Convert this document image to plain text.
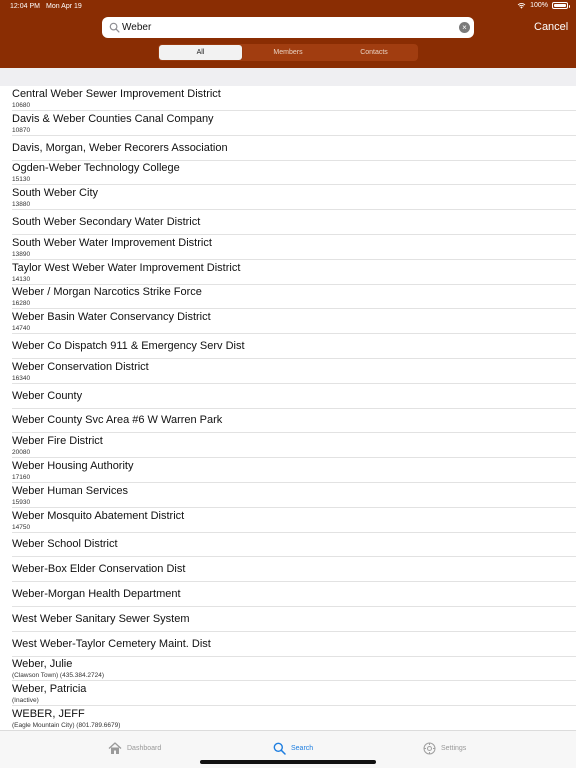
12:04 PM Mon Apr 19	100%
Weber
×	Cancel
All	Members	Contacts
Central Weber Sewer Improvement District
10680
Davis & Weber Counties Canal Company
10870
Davis, Morgan, Weber Recorers Association
Ogden-Weber Technology College
15130
South Weber City
13880
South Weber Secondary Water District
South Weber Water Improvement District
13890
Taylor West Weber Water Improvement District
14130
Weber / Morgan Narcotics Strike Force
16280
Weber Basin Water Conservancy District
14740
Weber Co Dispatch 911 & Emergency Serv Dist
Weber Conservation District
16340
Weber County
Weber County Svc Area #6 W Warren Park
Weber Fire District
20080
Weber Housing Authority
17160
Weber Human Services
15930
Weber Mosquito Abatement District
14750
Weber School District
Weber-Box Elder Conservation Dist
Weber-Morgan Health Department
West Weber Sanitary Sewer System
West Weber-Taylor Cemetery Maint. Dist
Weber, Julie
(Clawson Town) (435.384.2724)
Weber, Patricia
(Inactive)
WEBER, JEFF
(Eagle Mountain City) (801.789.6679)
Dashboard	Search	Settings
